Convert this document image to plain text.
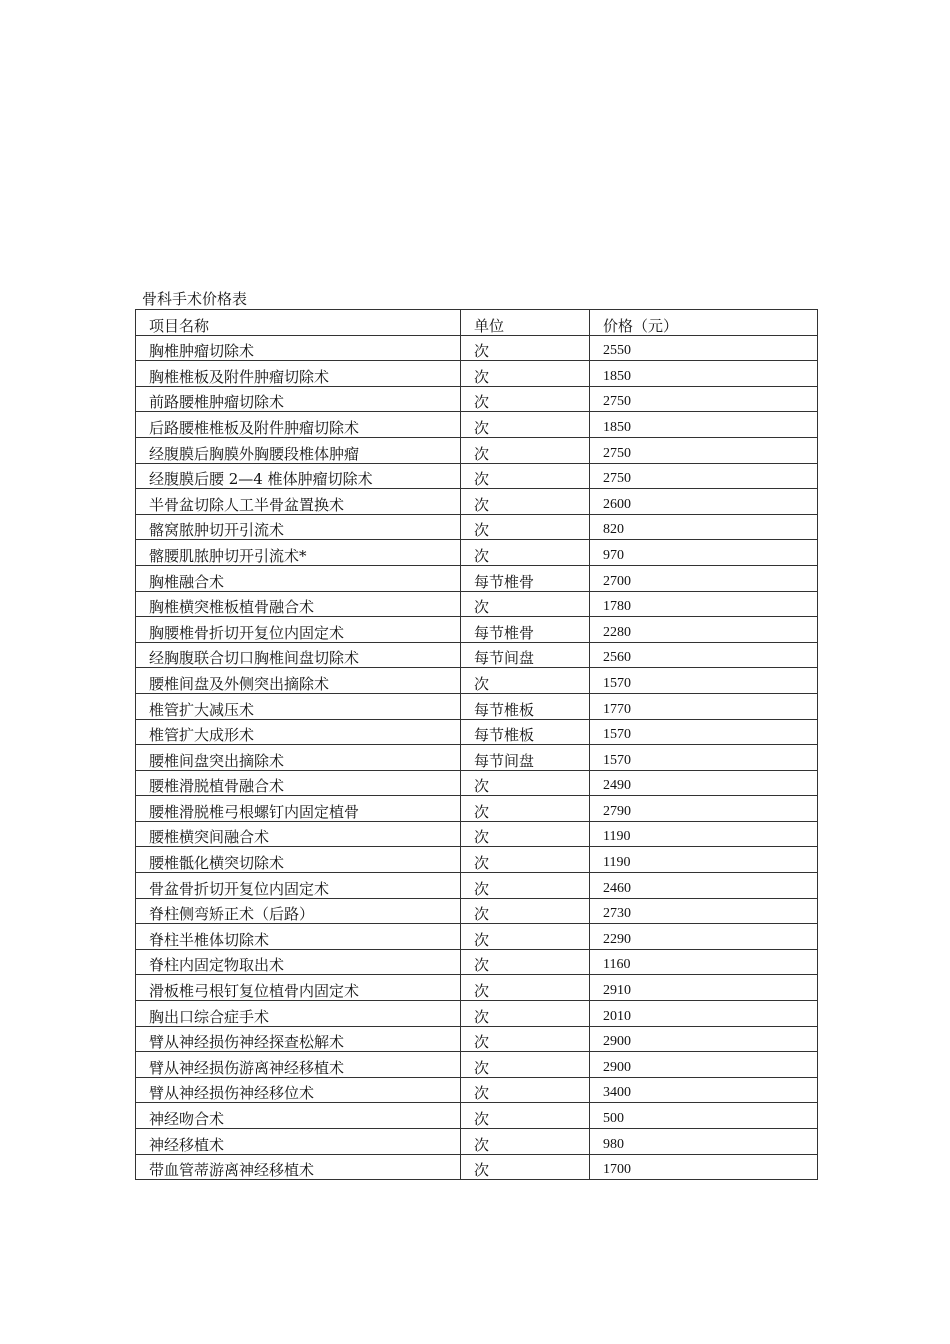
骨科手术价格表
项目名称	单位	价格（元）
胸椎肿瘤切除术	次	2550
胸椎椎板及附件肿瘤切除术	次	1850
前路腰椎肿瘤切除术	次	2750
后路腰椎椎板及附件肿瘤切除术	次	1850
经腹膜后胸膜外胸腰段椎体肿瘤	次	2750
经腹膜后腰 2—4 椎体肿瘤切除术	次	2750
半骨盆切除人工半骨盆置换术	次	2600
髂窝脓肿切开引流术	次	820
髂腰肌脓肿切开引流术*	次	970
胸椎融合术	每节椎骨	2700
胸椎横突椎板植骨融合术	次	1780
胸腰椎骨折切开复位内固定术	每节椎骨	2280
经胸腹联合切口胸椎间盘切除术	每节间盘	2560
腰椎间盘及外侧突出摘除术	次	1570
椎管扩大减压术	每节椎板	1770
椎管扩大成形术	每节椎板	1570
腰椎间盘突出摘除术	每节间盘	1570
腰椎滑脱植骨融合术	次	2490
腰椎滑脱椎弓根螺钉内固定植骨	次	2790
腰椎横突间融合术	次	1190
腰椎骶化横突切除术	次	1190
骨盆骨折切开复位内固定术	次	2460
脊柱侧弯矫正术（后路）	次	2730
脊柱半椎体切除术	次	2290
脊柱内固定物取出术	次	1160
滑板椎弓根钉复位植骨内固定术	次	2910
胸出口综合症手术	次	2010
臂从神经损伤神经探查松解术	次	2900
臂从神经损伤游离神经移植术	次	2900
臂从神经损伤神经移位术	次	3400
神经吻合术	次	500
神经移植术	次	980
带血管蒂游离神经移植术	次	1700
